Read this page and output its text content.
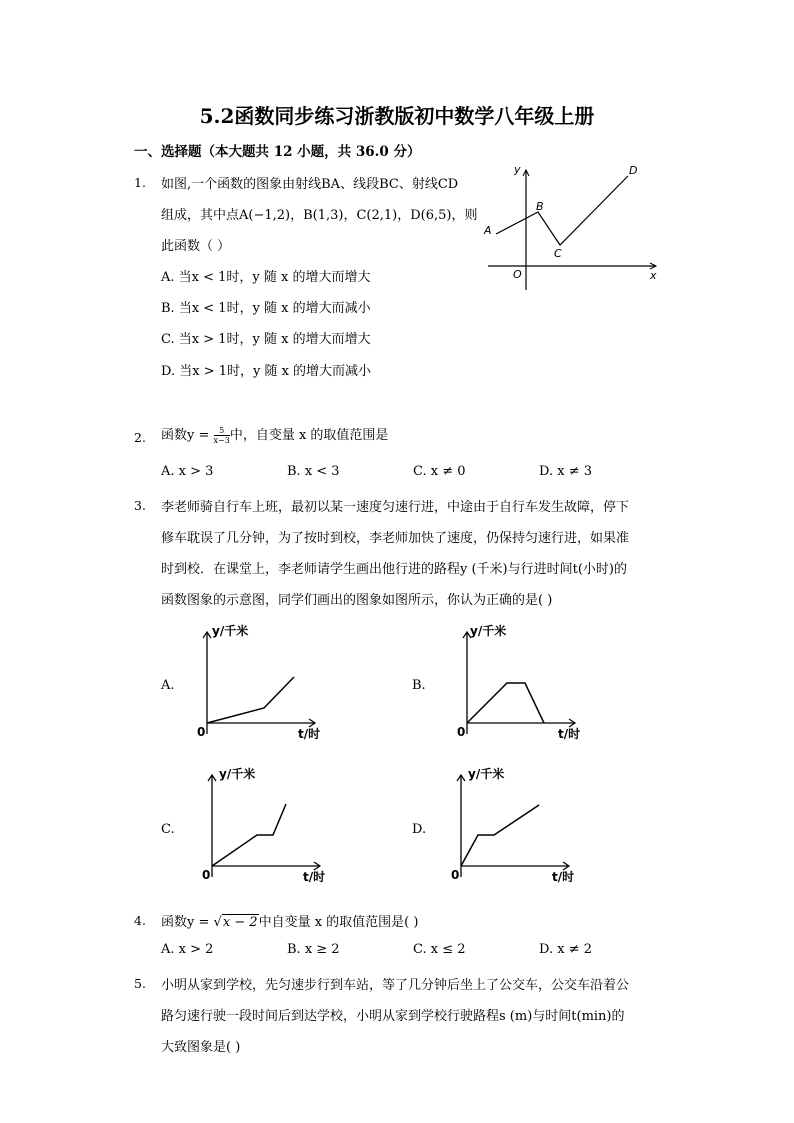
5.2函数同步练习浙教版初中数学八年级上册
一、选择题（本大题共 12 小题，共 36.0 分）
1. 如图,一个函数的图象由射线BA、线段BC、射线CD
组成，其中点A(−1,2)，B(1,3)，C(2,1)，D(6,5)，则
此函数（ ）
A. 当x < 1时，y 随 x 的增大而增大
B. 当x < 1时，y 随 x 的增大而减小
C. 当x > 1时，y 随 x 的增大而增大
D. 当x > 1时，y 随 x 的增大而减小
A
B
C
D
O	x
y
2. 函数$y = \frac{5}{x-3}$ 中，自变量 x 的取值范围是
A. x > 3	B. x < 3	C. x ≠ 0	D. x ≠ 3
3. 李老师骑自行车上班，最初以某一速度匀速行进，中途由于自行车发生故障，停下
修车耽误了几分钟，为了按时到校，李老师加快了速度，仍保持匀速行进，如果准
时到校．在课堂上，李老师请学生画出他行进的路程y (千米)与行进时间t(小时)的
函数图象的示意图，同学们画出的图象如图所示，你认为正确的是( )
A.
y/千米
t/时
0
B.
y/千米
t/时
0
C.
y/千米
t/时
0
D.
y/千米
t/时
0
4. 函数y = √x − 2中自变量 x 的取值范围是( )
A. x > 2	B. x ≥ 2	C. x ≤ 2	D. x ≠ 2
5. 小明从家到学校，先匀速步行到车站，等了几分钟后坐上了公交车，公交车沿着公
路匀速行驶一段时间后到达学校，小明从家到学校行驶路程s (m)与时间t(min)的
大致图象是( )
